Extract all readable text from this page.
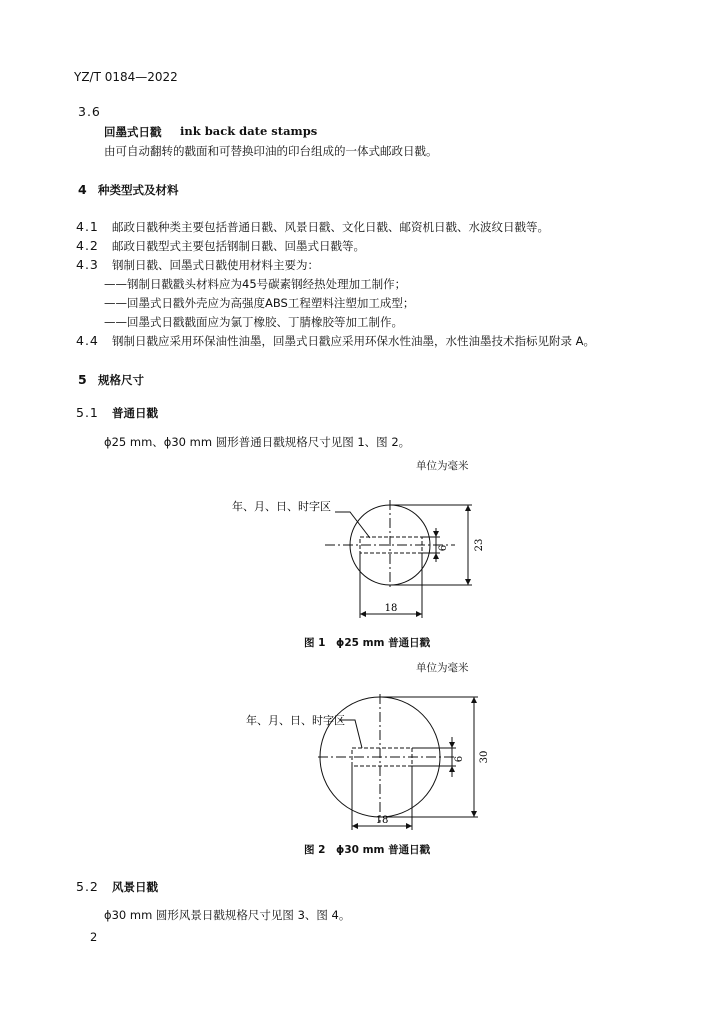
YZ/T 0184—2022
3.6
回墨式日戳 ink back date stamps
由可自动翻转的戳面和可替换印油的印台组成的一体式邮政日戳。
4 种类型式及材料
4.1 邮政日戳种类主要包括普通日戳、风景日戳、文化日戳、邮资机日戳、水波纹日戳等。
4.2 邮政日戳型式主要包括钢制日戳、回墨式日戳等。
4.3 钢制日戳、回墨式日戳使用材料主要为：
——钢制日戳戳头材料应为45号碳素钢经热处理加工制作；
——回墨式日戳外壳应为高强度ABS工程塑料注塑加工成型；
——回墨式日戳戳面应为氯丁橡胶、丁腈橡胶等加工制作。
4.4 钢制日戳应采用环保油性油墨，回墨式日戳应采用环保水性油墨，水性油墨技术指标见附录 A。
5 规格尺寸
5.1 普通日戳
ϕ25 mm、ϕ30 mm 圆形普通日戳规格尺寸见图 1、图 2。
单位为毫米
年、月、日、时字区
6	23
18
图 1　ϕ25 mm 普通日戳
单位为毫米
年、月、日、时字区
6 30
18
图 2　ϕ30 mm 普通日戳
5.2 风景日戳
ϕ30 mm 圆形风景日戳规格尺寸见图 3、图 4。
2
